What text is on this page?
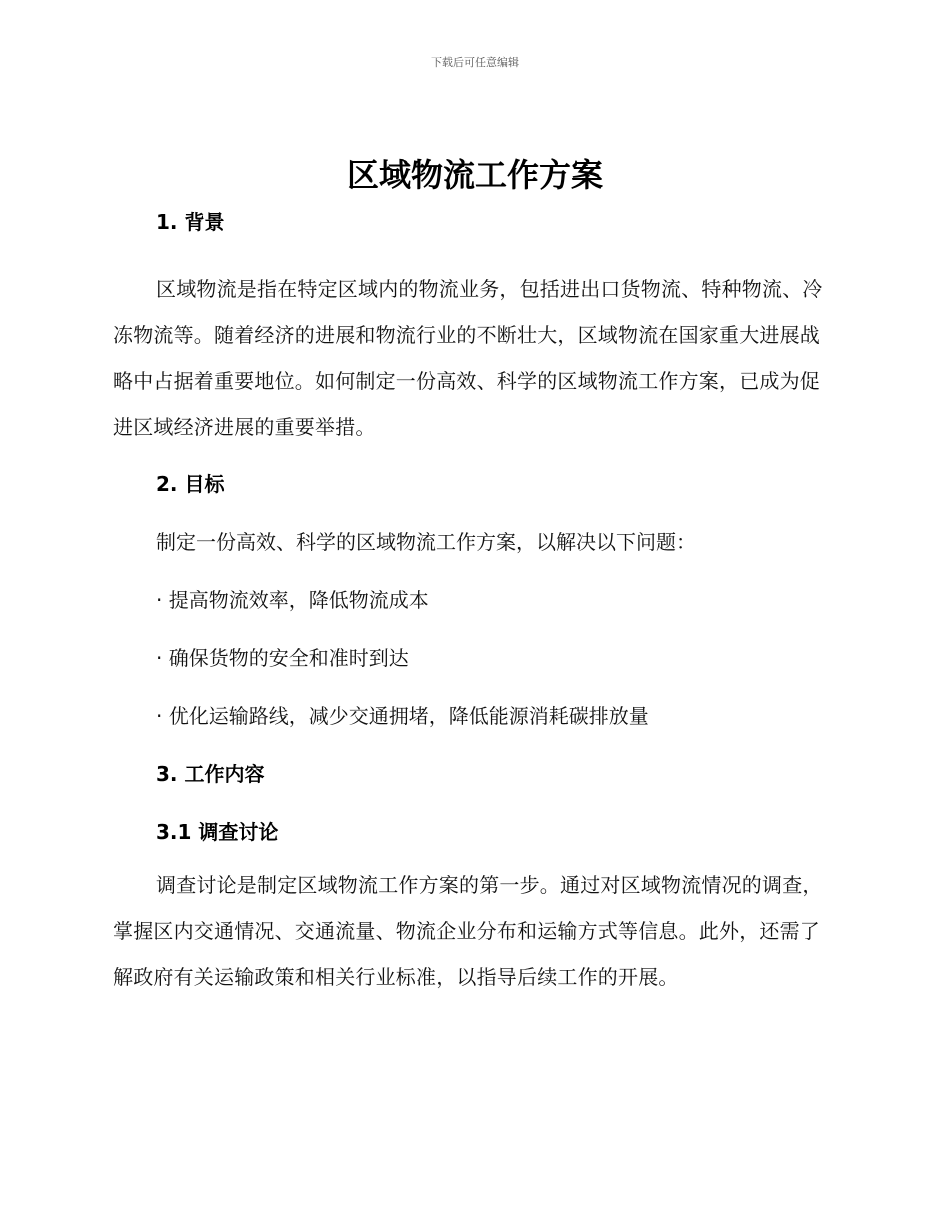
下载后可任意编辑
区域物流工作方案
1. 背景

区域物流是指在特定区域内的物流业务，包括进出口货物流、特种物流、冷冻物流等。随着经济的进展和物流行业的不断壮大，区域物流在国家重大进展战略中占据着重要地位。如何制定一份高效、科学的区域物流工作方案，已成为促进区域经济进展的重要举措。

2. 目标

制定一份高效、科学的区域物流工作方案，以解决以下问题：

· 提高物流效率，降低物流成本

· 确保货物的安全和准时到达

· 优化运输路线，减少交通拥堵，降低能源消耗碳排放量

3. 工作内容
3.1 调查讨论

调查讨论是制定区域物流工作方案的第一步。通过对区域物流情况的调查，掌握区内交通情况、交通流量、物流企业分布和运输方式等信息。此外，还需了解政府有关运输政策和相关行业标准，以指导后续工作的开展。
